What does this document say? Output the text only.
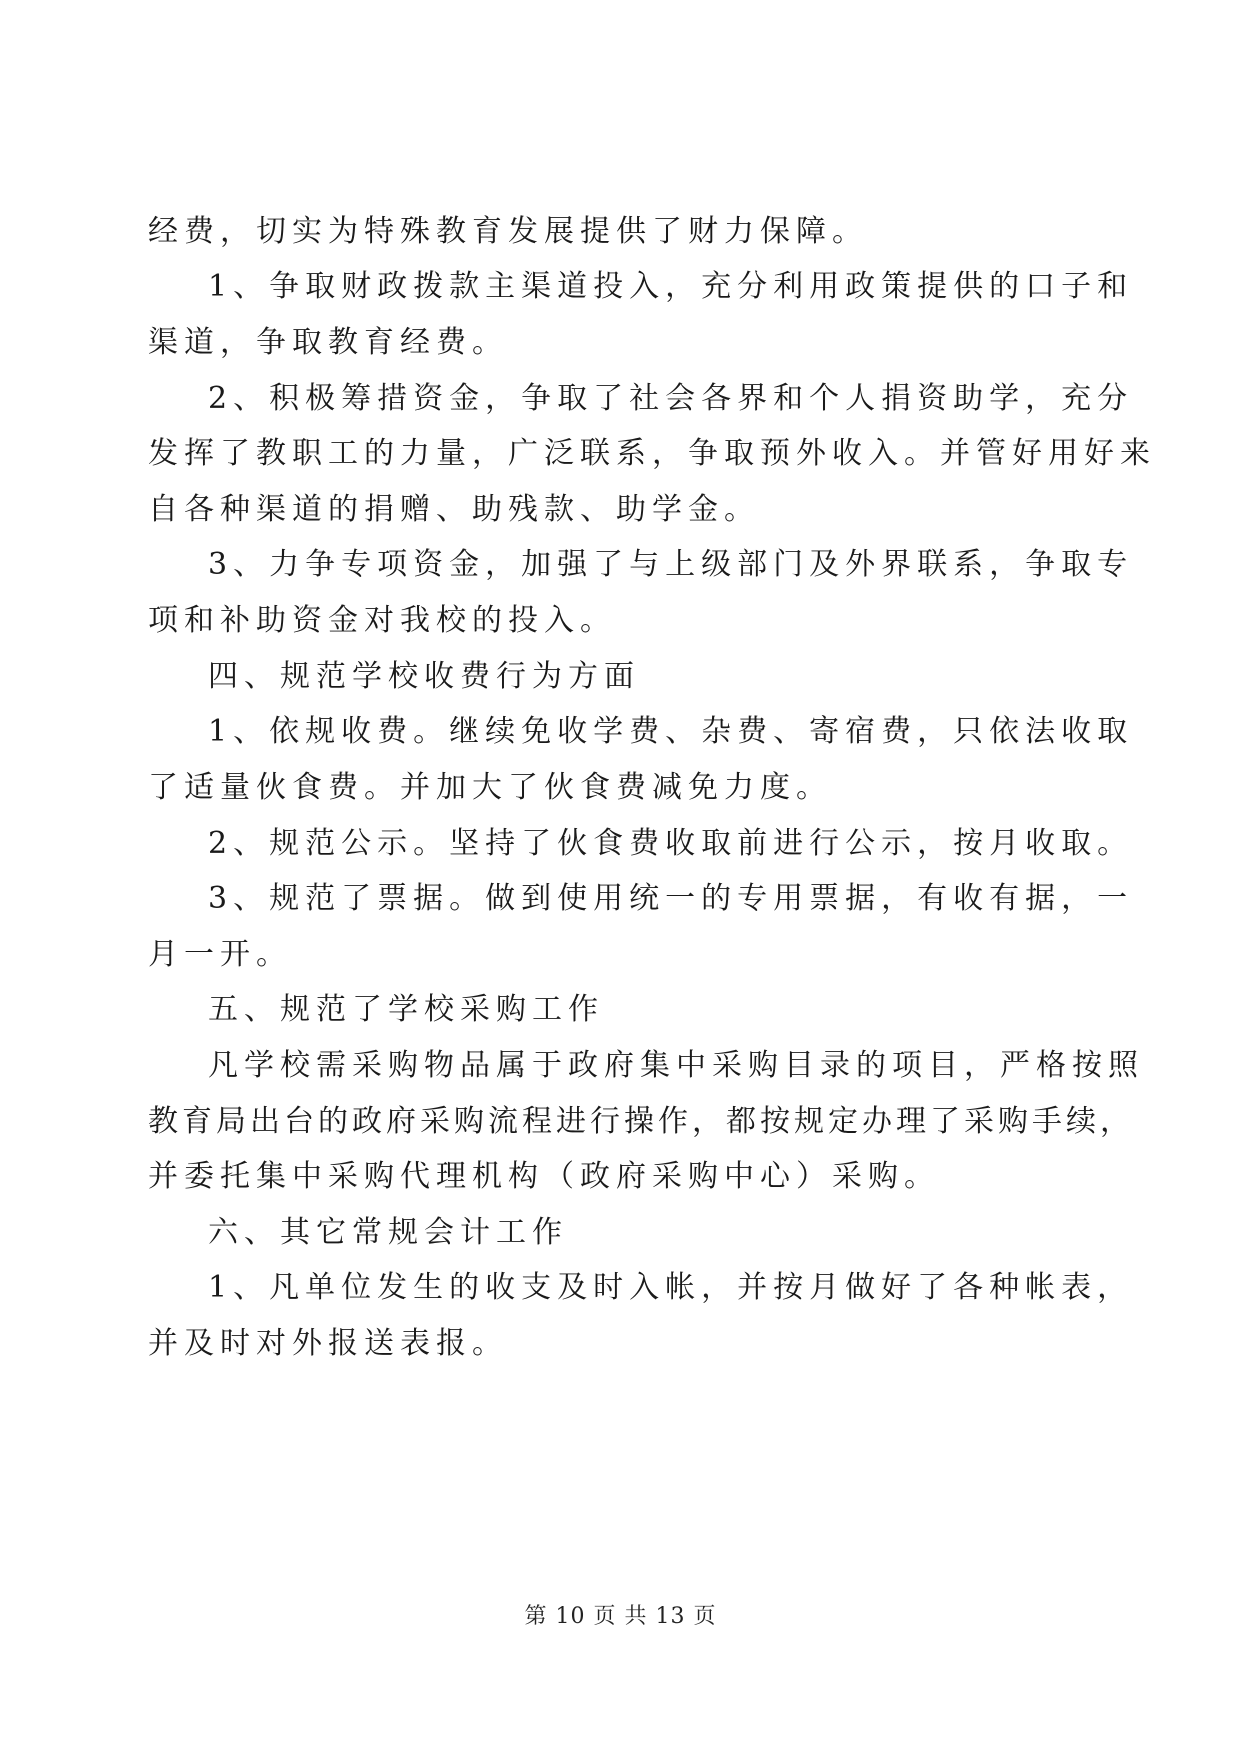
经费，切实为特殊教育发展提供了财力保障。
1、争取财政拨款主渠道投入，充分利用政策提供的口子和
渠道，争取教育经费。
2、积极筹措资金，争取了社会各界和个人捐资助学，充分
发挥了教职工的力量，广泛联系，争取预外收入。并管好用好来
自各种渠道的捐赠、助残款、助学金。
3、力争专项资金，加强了与上级部门及外界联系，争取专
项和补助资金对我校的投入。
四、规范学校收费行为方面
1、依规收费。继续免收学费、杂费、寄宿费，只依法收取
了适量伙食费。并加大了伙食费减免力度。
2、规范公示。坚持了伙食费收取前进行公示，按月收取。
3、规范了票据。做到使用统一的专用票据，有收有据，一
月一开。
五、规范了学校采购工作
凡学校需采购物品属于政府集中采购目录的项目，严格按照
教育局出台的政府采购流程进行操作，都按规定办理了采购手续，
并委托集中采购代理机构（政府采购中心）采购。
六、其它常规会计工作
1、凡单位发生的收支及时入帐，并按月做好了各种帐表，
并及时对外报送表报。
第 10 页 共 13 页
